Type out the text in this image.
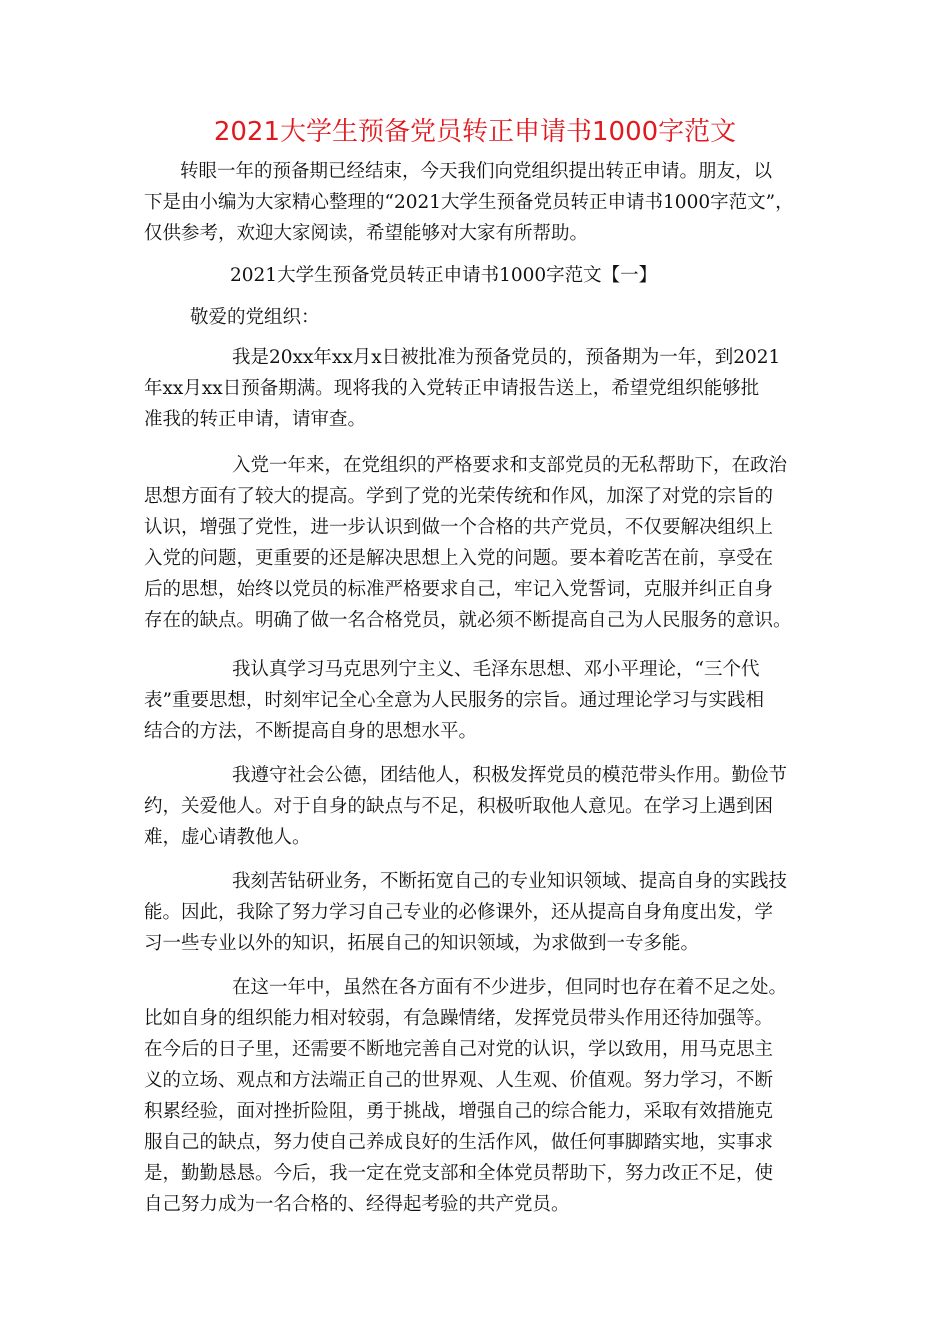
2021大学生预备党员转正申请书1000字范文
转眼一年的预备期已经结束，今天我们向党组织提出转正申请。朋友，以
下是由小编为大家精心整理的“2021大学生预备党员转正申请书1000字范文”，
仅供参考，欢迎大家阅读，希望能够对大家有所帮助。
2021大学生预备党员转正申请书1000字范文【一】
敬爱的党组织：
我是20xx年xx月x日被批准为预备党员的，预备期为一年，到2021
年xx月xx日预备期满。现将我的入党转正申请报告送上，希望党组织能够批
准我的转正申请，请审查。
入党一年来，在党组织的严格要求和支部党员的无私帮助下，在政治
思想方面有了较大的提高。学到了党的光荣传统和作风，加深了对党的宗旨的
认识，增强了党性，进一步认识到做一个合格的共产党员，不仅要解决组织上
入党的问题，更重要的还是解决思想上入党的问题。要本着吃苦在前，享受在
后的思想，始终以党员的标准严格要求自己，牢记入党誓词，克服并纠正自身
存在的缺点。明确了做一名合格党员，就必须不断提高自己为人民服务的意识。
我认真学习马克思列宁主义、毛泽东思想、邓小平理论，“三个代
表”重要思想，时刻牢记全心全意为人民服务的宗旨。通过理论学习与实践相
结合的方法，不断提高自身的思想水平。
我遵守社会公德，团结他人，积极发挥党员的模范带头作用。勤俭节
约，关爱他人。对于自身的缺点与不足，积极听取他人意见。在学习上遇到困
难，虚心请教他人。
我刻苦钻研业务，不断拓宽自己的专业知识领域、提高自身的实践技
能。因此，我除了努力学习自己专业的必修课外，还从提高自身角度出发，学
习一些专业以外的知识，拓展自己的知识领域，为求做到一专多能。
在这一年中，虽然在各方面有不少进步，但同时也存在着不足之处。
比如自身的组织能力相对较弱，有急躁情绪，发挥党员带头作用还待加强等。
在今后的日子里，还需要不断地完善自己对党的认识，学以致用，用马克思主
义的立场、观点和方法端正自己的世界观、人生观、价值观。努力学习，不断
积累经验，面对挫折险阻，勇于挑战，增强自己的综合能力，采取有效措施克
服自己的缺点，努力使自己养成良好的生活作风，做任何事脚踏实地，实事求
是，勤勤恳恳。今后，我一定在党支部和全体党员帮助下，努力改正不足，使
自己努力成为一名合格的、经得起考验的共产党员。
